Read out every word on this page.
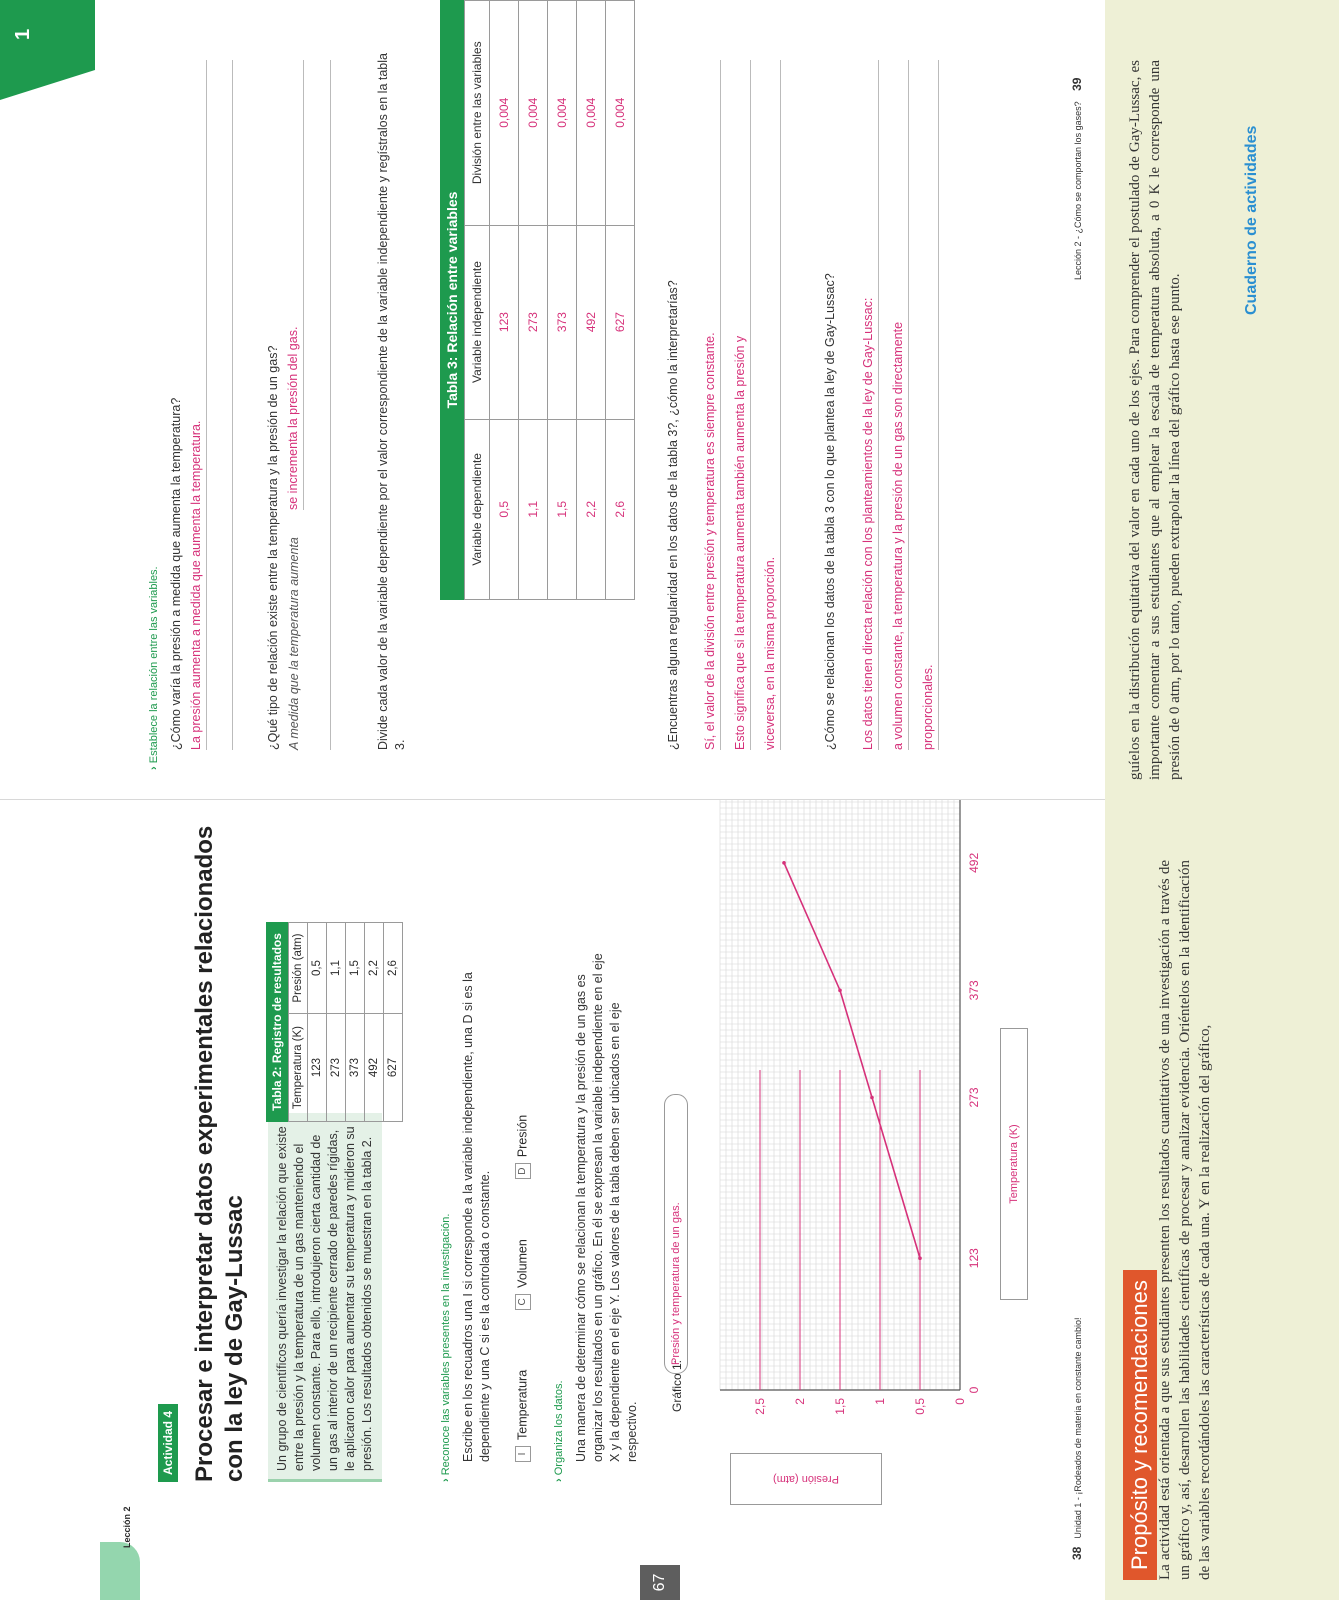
Lección 2
Actividad 4 Procesar e interpretar datos experimentales relacionados con la ley de Gay-Lussac	Un grupo de científicos quería investigar la relación que existe entre la presión y la temperatura de un gas manteniendo el volumen constante. Para ello, introdujeron cierta cantidad de un gas al interior de un recipiente cerrado de paredes rígidas, le aplicaron calor para aumentar su temperatura y midieron su presión. Los resultados obtenidos se muestran en la tabla 2.
Tabla 2: Registro de resultadosTemperatura (K)	Presión (atm)
123	0,5
273	1,1
373	1,5
492	2,2
627	2,6
› Reconoce las variables presentes en la investigación. Escribe en los recuadros una I si corresponde a la variable independiente, una D si es la dependiente y una C si es la controlada o constante.	ITemperatura
CVolumen
DPresión
› Organiza los datos. Una manera de determinar cómo se relacionan la temperatura y la presión de un gas es organizar los resultados en un gráfico. En él se expresan la variable independiente en el eje X y la dependiente en el eje Y. Los valores de la tabla deben ser ubicados en el eje respectivo.
Gráfico 1:
Presión y temperatura de un gas.
Presión (atm)
0
0,5
1
1,5
2
2,5
0
123
273
373
492
Temperatura (K)
67
38Unidad 1 - ¡Rodeados de materia en constante cambio!
1
› Establece la relación entre las variables. ¿Cómo varía la presión a medida que aumenta la temperatura? La presión aumenta a medida que aumenta la temperatura.	¿Qué tipo de relación existe entre la temperatura y la presión de un gas? A medida que la temperatura aumenta
se incrementa la presión del gas.	Divide cada valor de la variable dependiente por el valor correspondiente de la variable independiente y regístralos en la tabla 3.
Tabla 3: Relación entre variables
Variable dependiente	Variable independiente	División entre las variables
0,5	123	0,004
1,1	273	0,004
1,5	373	0,004
2,2	492	0,004
2,6	627	0,004
¿Encuentras alguna regularidad en los datos de la tabla 3?, ¿cómo la interpretarías? Sí, el valor de la división entre presión y temperatura es siempre constante.	Esto significa que si la temperatura aumenta también aumenta la presión y	viceversa, en la misma proporción.	¿Cómo se relacionan los datos de la tabla 3 con lo que plantea la ley de Gay-Lussac? Los datos tienen directa relación con los planteamientos de la ley de Gay-Lussac:	a volumen constante, la temperatura y la presión de un gas son directamente	proporcionales.
Lección 2 - ¿Cómo se comportan los gases? 39
Propósito y recomendaciones La actividad está orientada a que sus estudiantes presenten los resultados cuantitativos de una investigación a través de un gráfico y, así, desarrollen las habilidades científicas de procesar y analizar evidencia. Oriéntelos en la identificación de las variables recordándoles las características de cada una. Y en la realización del gráfico,
guíelos en la distribución equitativa del valor en cada uno de los ejes. Para comprender el postulado de Gay-Lussac, es importante comentar a sus estudiantes que al emplear la escala de temperatura absoluta, a 0 K le corresponde una presión de 0 atm, por lo tanto, pueden extrapolar la línea del gráfico hasta ese punto.
Cuaderno de actividades
